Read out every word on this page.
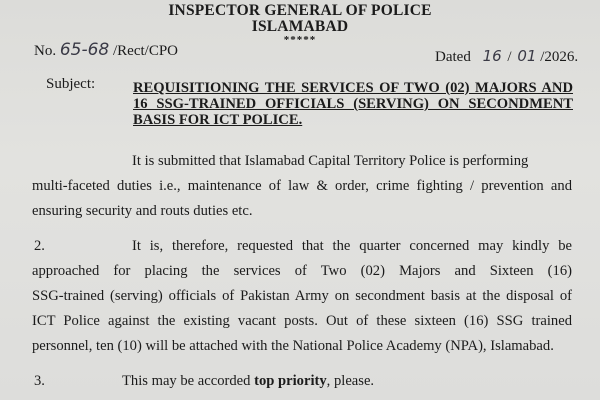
INSPECTOR GENERAL OF POLICE
ISLAMABAD
*****
No. 65-68 /Rect/CPO	Dated 16 / 01 /2026.
Subject:	REQUISITIONING THE SERVICES OF TWO (02) MAJORS AND 16 SSG-TRAINED OFFICIALS (SERVING) ON SECONDMENT BASIS FOR ICT POLICE.
It is submitted that Islamabad Capital Territory Police is performing
multi-faceted duties i.e., maintenance of law & order, crime fighting / prevention and
ensuring security and routs duties etc.
2.	It is, therefore, requested that the quarter concerned may kindly be
approached for placing the services of Two (02) Majors and Sixteen (16)
SSG-trained (serving) officials of Pakistan Army on secondment basis at the disposal of
ICT Police against the existing vacant posts. Out of these sixteen (16) SSG trained
personnel, ten (10) will be attached with the National Police Academy (NPA), Islamabad.
3.	This may be accorded top priority, please.
